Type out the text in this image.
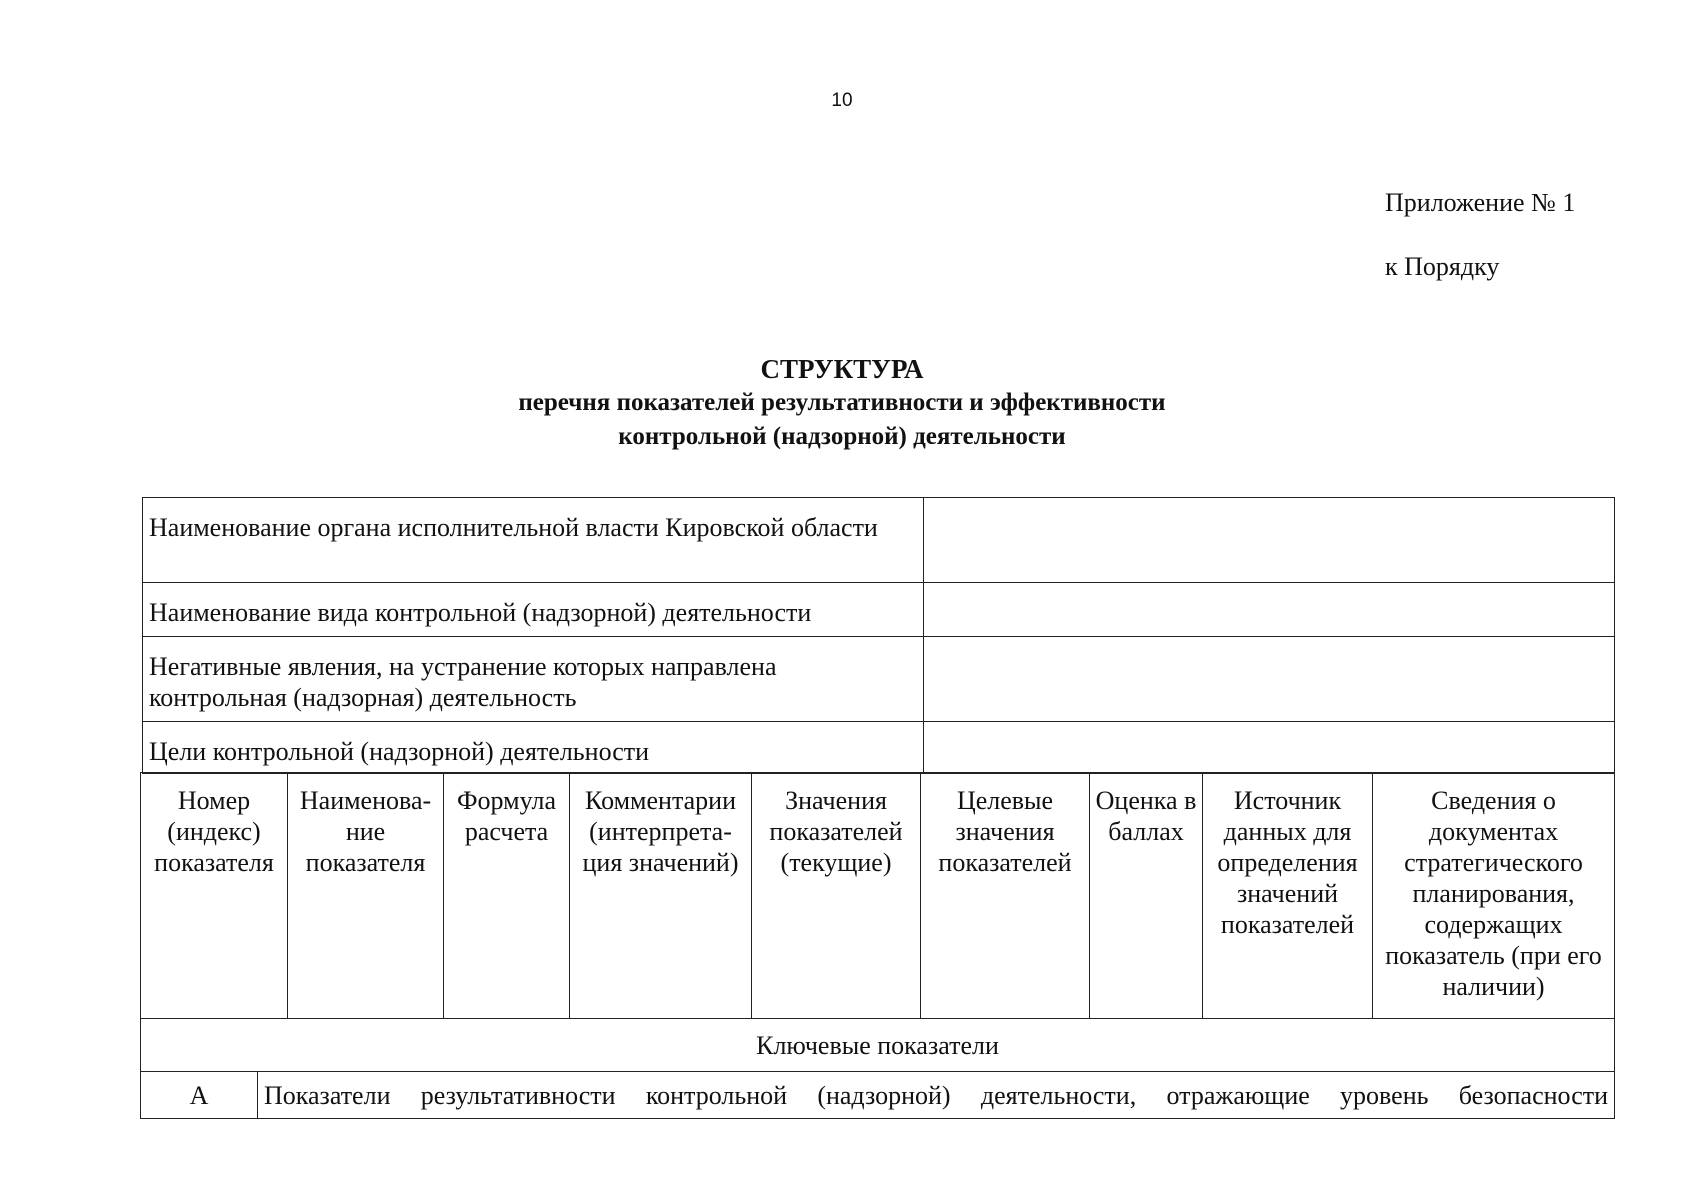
10
Приложение № 1
к Порядку
СТРУКТУРА
перечня показателей результативности и эффективности
контрольной (надзорной) деятельности
Наименование органа исполнительной власти Кировской области	
Наименование вида контрольной (надзорной) деятельности	
Негативные явления, на устранение которых направлена контрольная (надзорная) деятельность	
Цели контрольной (надзорной) деятельности	
Номер (индекс) показателя		Наименова-ние показателя	Формула расчета	Комментарии (интерпрета-ция значений)	Значения показателей (текущие)	Целевые значения показателей	Оценка в баллах	Источник данных для определения значений показателей	Сведения о документах стратегического планирования, содержащих показатель (при его наличии)
Ключевые показатели									
А	Показатели результативности контрольной (надзорной) деятельности, отражающие уровень безопасности								
